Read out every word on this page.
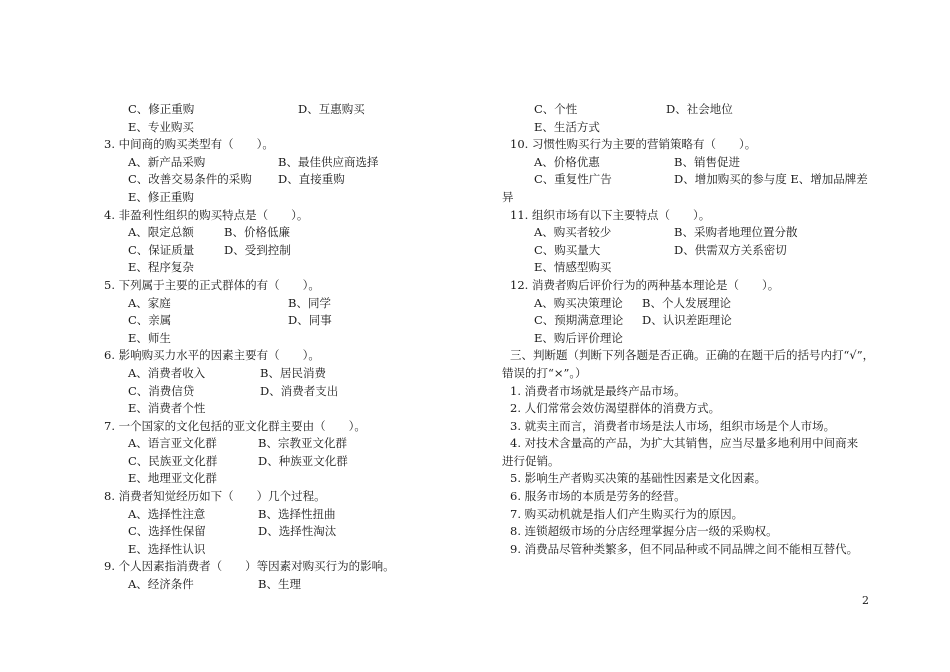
C、修正重购	D、互惠购买
E、专业购买
3. 中间商的购买类型有（　　）。
A、新产品采购	B、最佳供应商选择
C、改善交易条件的采购 D、直接重购
E、修正重购
4. 非盈利性组织的购买特点是（　　）。
A、限定总额	B、价格低廉
C、保证质量	D、受到控制
E、程序复杂
5. 下列属于主要的正式群体的有（　　）。
A、家庭	B、同学
C、亲属	D、同事
E、师生
6. 影响购买力水平的因素主要有（　　）。
A、消费者收入	B、居民消费
C、消费信贷	D、消费者支出
E、消费者个性
7. 一个国家的文化包括的亚文化群主要由（　　）。
A、语言亚文化群	B、宗教亚文化群
C、民族亚文化群	D、种族亚文化群
E、地理亚文化群
8. 消费者知觉经历如下（　　）几个过程。
A、选择性注意	B、选择性扭曲
C、选择性保留	D、选择性淘汰
E、选择性认识
9. 个人因素指消费者（　　）等因素对购买行为的影响。
A、经济条件	B、生理
C、个性	D、社会地位
E、生活方式
10. 习惯性购买行为主要的营销策略有（　　）。
A、价格优惠	B、销售促进
C、重复性广告	D、增加购买的参与度 E、增加品牌差
异
11. 组织市场有以下主要特点（　　）。
A、购买者较少	B、采购者地理位置分散
C、购买量大	D、供需双方关系密切
E、情感型购买
12. 消费者购后评价行为的两种基本理论是（　　）。
A、购买决策理论 B、个人发展理论
C、预期满意理论 D、认识差距理论
E、购后评价理论
三、判断题（判断下列各题是否正确。正确的在题干后的括号内打“√”，
错误的打“×”。）
1. 消费者市场就是最终产品市场。
2. 人们常常会效仿渴望群体的消费方式。
3. 就卖主而言，消费者市场是法人市场，组织市场是个人市场。
4. 对技术含量高的产品，为扩大其销售，应当尽量多地利用中间商来
进行促销。
5. 影响生产者购买决策的基础性因素是文化因素。
6. 服务市场的本质是劳务的经营。
7. 购买动机就是指人们产生购买行为的原因。
8. 连锁超级市场的分店经理掌握分店一级的采购权。
9. 消费品尽管种类繁多，但不同品种或不同品牌之间不能相互替代。
2
